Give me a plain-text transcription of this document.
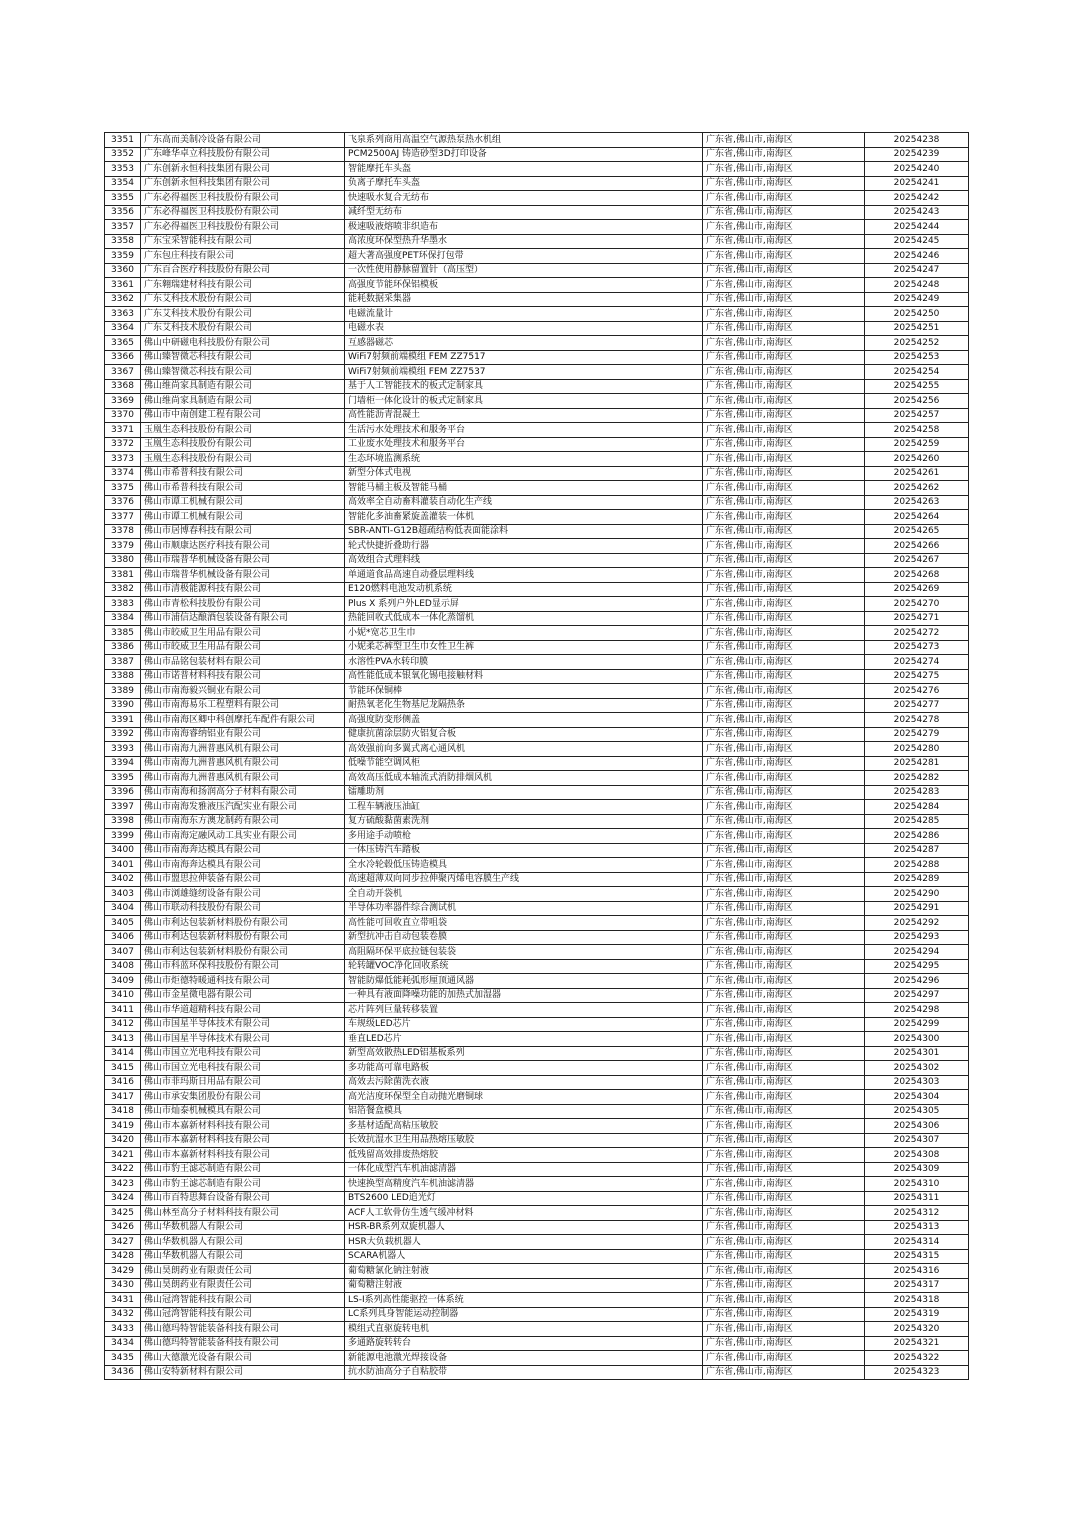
3351	广东高而美制冷设备有限公司	飞泉系列商用高温空气源热泵热水机组	广东省,佛山市,南海区	20254238
3352	广东峰华卓立科技股份有限公司	PCM2500AJ 铸造砂型3D打印设备	广东省,佛山市,南海区	20254239
3353	广东创新永恒科技集团有限公司	智能摩托车头盔	广东省,佛山市,南海区	20254240
3354	广东创新永恒科技集团有限公司	负离子摩托车头盔	广东省,佛山市,南海区	20254241
3355	广东必得福医卫科技股份有限公司	快速吸水复合无纺布	广东省,佛山市,南海区	20254242
3356	广东必得福医卫科技股份有限公司	减纤型无纺布	广东省,佛山市,南海区	20254243
3357	广东必得福医卫科技股份有限公司	极速吸液熔喷非织造布	广东省,佛山市,南海区	20254244
3358	广东宝采智能科技有限公司	高浓度环保型热升华墨水	广东省,佛山市,南海区	20254245
3359	广东包庄科技有限公司	超大著高强度PET环保打包带	广东省,佛山市,南海区	20254246
3360	广东百合医疗科技股份有限公司	一次性使用静脉留置针（高压型）	广东省,佛山市,南海区	20254247
3361	广东翱瑞建材科技有限公司	高强度节能环保铝模板	广东省,佛山市,南海区	20254248
3362	广东艾科技术股份有限公司	能耗数据采集器	广东省,佛山市,南海区	20254249
3363	广东艾科技术股份有限公司	电磁流量计	广东省,佛山市,南海区	20254250
3364	广东艾科技术股份有限公司	电磁水表	广东省,佛山市,南海区	20254251
3365	佛山中研磁电科技股份有限公司	互感器磁芯	广东省,佛山市,南海区	20254252
3366	佛山臻智微芯科技有限公司	WiFi7射频前端模组 FEM ZZ7517	广东省,佛山市,南海区	20254253
3367	佛山臻智微芯科技有限公司	WiFi7射频前端模组 FEM ZZ7537	广东省,佛山市,南海区	20254254
3368	佛山维尚家具制造有限公司	基于人工智能技术的板式定制家具	广东省,佛山市,南海区	20254255
3369	佛山维尚家具制造有限公司	门墙柜一体化设计的板式定制家具	广东省,佛山市,南海区	20254256
3370	佛山市中南创建工程有限公司	高性能沥青混凝土	广东省,佛山市,南海区	20254257
3371	玉凰生态科技股份有限公司	生活污水处理技术和服务平台	广东省,佛山市,南海区	20254258
3372	玉凰生态科技股份有限公司	工业废水处理技术和服务平台	广东省,佛山市,南海区	20254259
3373	玉凰生态科技股份有限公司	生态环境监测系统	广东省,佛山市,南海区	20254260
3374	佛山市希普科技有限公司	新型分体式电视	广东省,佛山市,南海区	20254261
3375	佛山市希普科技有限公司	智能马桶主板及智能马桶	广东省,佛山市,南海区	20254262
3376	佛山市谭工机械有限公司	高效率全自动畜料灌装自动化生产线	广东省,佛山市,南海区	20254263
3377	佛山市谭工机械有限公司	智能化多油畜紧旋盖灌装一体机	广东省,佛山市,南海区	20254264
3378	佛山市居博春科技有限公司	SBR-ANTI-G12B超疏结构低表面能涂料	广东省,佛山市,南海区	20254265
3379	佛山市顺康达医疗科技有限公司	轮式快捷折叠助行器	广东省,佛山市,南海区	20254266
3380	佛山市瑞普华机械设备有限公司	高效组合式理料线	广东省,佛山市,南海区	20254267
3381	佛山市瑞普华机械设备有限公司	单通道食品高速自动叠层理料线	广东省,佛山市,南海区	20254268
3382	佛山市清极能源科技有限公司	E120燃料电池发动机系统	广东省,佛山市,南海区	20254269
3383	佛山市青松科技股份有限公司	Plus X 系列户外LED显示屏	广东省,佛山市,南海区	20254270
3384	佛山市浦信达酿酒包装设备有限公司	热能回收式低成本一体化蒸馏机	广东省,佛山市,南海区	20254271
3385	佛山市皎威卫生用品有限公司	小妮*宽芯卫生巾	广东省,佛山市,南海区	20254272
3386	佛山市皎威卫生用品有限公司	小妮柔芯裤型卫生巾女性卫生裤	广东省,佛山市,南海区	20254273
3387	佛山市品铭包装材料有限公司	水溶性PVA水转印膜	广东省,佛山市,南海区	20254274
3388	佛山市诺普材料科技有限公司	高性能低成本银氧化锡电接触材料	广东省,佛山市,南海区	20254275
3389	佛山市南海毅兴铜业有限公司	节能环保铜棒	广东省,佛山市,南海区	20254276
3390	佛山市南海易乐工程塑料有限公司	耐热氧老化生物基尼龙隔热条	广东省,佛山市,南海区	20254277
3391	佛山市南海区卿中科创摩托车配件有限公司	高强度防变形侧盖	广东省,佛山市,南海区	20254278
3392	佛山市南海睿纳铝业有限公司	健康抗菌涂层防火铝复合板	广东省,佛山市,南海区	20254279
3393	佛山市南海九洲普惠风机有限公司	高效强前向多翼式离心通风机	广东省,佛山市,南海区	20254280
3394	佛山市南海九洲普惠风机有限公司	低噪节能空调风柜	广东省,佛山市,南海区	20254281
3395	佛山市南海九洲普惠风机有限公司	高效高压低成本轴流式消防排烟风机	广东省,佛山市,南海区	20254282
3396	佛山市南海和扬润高分子材料有限公司	镭雕助剂	广东省,佛山市,南海区	20254283
3397	佛山市南海发雅液压汽配实业有限公司	工程车辆液压油缸	广东省,佛山市,南海区	20254284
3398	佛山市南海东方澳龙制药有限公司	复方硫酸黏菌素洗剂	广东省,佛山市,南海区	20254285
3399	佛山市南海定融风动工具实业有限公司	多用途手动喷枪	广东省,佛山市,南海区	20254286
3400	佛山市南海奔达模具有限公司	一体压铸汽车踏板	广东省,佛山市,南海区	20254287
3401	佛山市南海奔达模具有限公司	全水冷轮毂低压铸造模具	广东省,佛山市,南海区	20254288
3402	佛山市盟思拉伸装备有限公司	高速超薄双向同步拉伸聚丙烯电容膜生产线	广东省,佛山市,南海区	20254289
3403	佛山市浏雄缝纫设备有限公司	全自动开袋机	广东省,佛山市,南海区	20254290
3404	佛山市联动科技股份有限公司	半导体功率器件综合测试机	广东省,佛山市,南海区	20254291
3405	佛山市利达包装新材料股份有限公司	高性能可回收直立带咀袋	广东省,佛山市,南海区	20254292
3406	佛山市利达包装新材料股份有限公司	新型抗冲击自动包装卷膜	广东省,佛山市,南海区	20254293
3407	佛山市利达包装新材料股份有限公司	高阻隔环保平底拉链包装袋	广东省,佛山市,南海区	20254294
3408	佛山市科蓝环保科技股份有限公司	轮转罐VOC净化回收系统	广东省,佛山市,南海区	20254295
3409	佛山市炬德特暖通科技有限公司	智能防爆低能耗弧形厘顶通风器	广东省,佛山市,南海区	20254296
3410	佛山市金星微电器有限公司	一种具有液面降噪功能的加热式加湿器	广东省,佛山市,南海区	20254297
3411	佛山市华道超精科技有限公司	芯片阵列巨量转移装置	广东省,佛山市,南海区	20254298
3412	佛山市国星半导体技术有限公司	车规级LED芯片	广东省,佛山市,南海区	20254299
3413	佛山市国星半导体技术有限公司	垂直LED芯片	广东省,佛山市,南海区	20254300
3414	佛山市国立光电科技有限公司	新型高效散热LED铝基板系列	广东省,佛山市,南海区	20254301
3415	佛山市国立光电科技有限公司	多功能高可靠电路板	广东省,佛山市,南海区	20254302
3416	佛山市菲玛斯日用品有限公司	高效去污除菌洗衣液	广东省,佛山市,南海区	20254303
3417	佛山市承安集团股份有限公司	高光洁度环保型全自动抛光磨铜球	广东省,佛山市,南海区	20254304
3418	佛山市灿泰机械模具有限公司	铝箔餐盒模具	广东省,佛山市,南海区	20254305
3419	佛山市本嘉新材料科技有限公司	多基材适配高粘压敏胶	广东省,佛山市,南海区	20254306
3420	佛山市本嘉新材料科技有限公司	长效抗湿水卫生用品热熔压敏胶	广东省,佛山市,南海区	20254307
3421	佛山市本嘉新材料科技有限公司	低残留高效排废热熔胶	广东省,佛山市,南海区	20254308
3422	佛山市豹王滤芯制造有限公司	一体化成型汽车机油滤清器	广东省,佛山市,南海区	20254309
3423	佛山市豹王滤芯制造有限公司	快速换型高精度汽车机油滤清器	广东省,佛山市,南海区	20254310
3424	佛山市百特思舞台设备有限公司	BTS2600 LED追光灯	广东省,佛山市,南海区	20254311
3425	佛山林至高分子材料科技有限公司	ACF人工软骨仿生透气缓冲材料	广东省,佛山市,南海区	20254312
3426	佛山华数机器人有限公司	HSR-BR系列双旋机器人	广东省,佛山市,南海区	20254313
3427	佛山华数机器人有限公司	HSR大负载机器人	广东省,佛山市,南海区	20254314
3428	佛山华数机器人有限公司	SCARA机器人	广东省,佛山市,南海区	20254315
3429	佛山昊朗药业有限责任公司	葡萄糖氯化钠注射液	广东省,佛山市,南海区	20254316
3430	佛山昊朗药业有限责任公司	葡萄糖注射液	广东省,佛山市,南海区	20254317
3431	佛山冠湾智能科技有限公司	LS-I系列高性能驱控一体系统	广东省,佛山市,南海区	20254318
3432	佛山冠湾智能科技有限公司	LC系列具身智能运动控制器	广东省,佛山市,南海区	20254319
3433	佛山德玛特智能装备科技有限公司	模组式直驱旋转电机	广东省,佛山市,南海区	20254320
3434	佛山德玛特智能装备科技有限公司	多通路旋转转台	广东省,佛山市,南海区	20254321
3435	佛山大德激光设备有限公司	新能源电池激光焊接设备	广东省,佛山市,南海区	20254322
3436	佛山安特新材料有限公司	抗水防油高分子自粘胶带	广东省,佛山市,南海区	20254323
